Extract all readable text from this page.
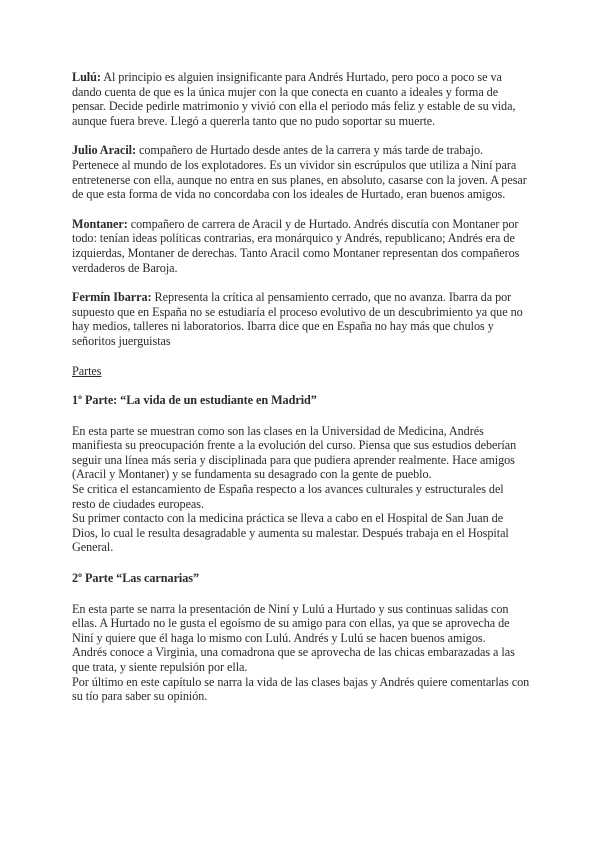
Lulú: Al principio es alguien insignificante para Andrés Hurtado, pero poco a poco se va dando cuenta de que es la única mujer con la que conecta en cuanto a ideales y forma de pensar. Decide pedirle matrimonio y vivió con ella el periodo más feliz y estable de su vida, aunque fuera breve. Llegó a quererla tanto que no pudo soportar su muerte.

Julio Aracil: compañero de Hurtado desde antes de la carrera y más tarde de trabajo. Pertenece al mundo de los explotadores. Es un vividor sin escrúpulos que utiliza a Niní para entretenerse con ella, aunque no entra en sus planes, en absoluto, casarse con la joven. A pesar de que esta forma de vida no concordaba con los ideales de Hurtado, eran buenos amigos.

Montaner: compañero de carrera de Aracil y de Hurtado. Andrés discutía con Montaner por todo: tenían ideas políticas contrarias, era monárquico y Andrés, republicano; Andrés era de izquierdas, Montaner de derechas. Tanto Aracil como Montaner representan dos compañeros verdaderos de Baroja.

Fermín Ibarra: Representa la crítica al pensamiento cerrado, que no avanza. Ibarra da por supuesto que en España no se estudiaría el proceso evolutivo de un descubrimiento ya que no hay medios, talleres ni laboratorios. Ibarra dice que en España no hay más que chulos y señoritos juerguistas

Partes

1º Parte: “La vida de un estudiante en Madrid”

En esta parte se muestran como son las clases en la Universidad de Medicina, Andrés manifiesta su preocupación frente a la evolución del curso. Piensa que sus estudios deberían seguir una línea más seria y disciplinada para que pudiera aprender realmente. Hace amigos (Aracil y Montaner) y se fundamenta su desagrado con la gente de pueblo.

Se critica el estancamiento de España respecto a los avances culturales y estructurales del resto de ciudades europeas.

Su primer contacto con la medicina práctica se lleva a cabo en el Hospital de San Juan de Dios, lo cual le resulta desagradable y aumenta su malestar. Después trabaja en el Hospital General.

2º Parte “Las carnarias”

En esta parte se narra la presentación de Niní y Lulú a Hurtado y sus continuas salidas con ellas. A Hurtado no le gusta el egoísmo de su amigo para con ellas, ya que se aprovecha de Niní y quiere que él haga lo mismo con Lulú. Andrés y Lulú se hacen buenos amigos.

Andrés conoce a Virginia, una comadrona que se aprovecha de las chicas embarazadas a las que trata, y siente repulsión por ella.

Por último en este capítulo se narra la vida de las clases bajas y Andrés quiere comentarlas con su tío para saber su opinión.
